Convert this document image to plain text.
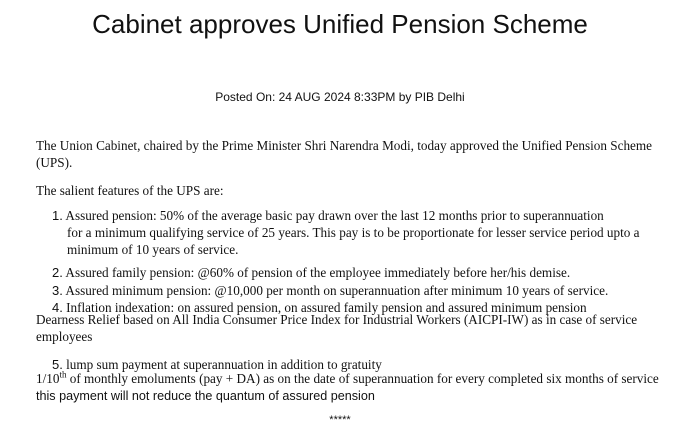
Cabinet approves Unified Pension Scheme
Posted On: 24 AUG 2024 8:33PM by PIB Delhi
The Union Cabinet, chaired by the Prime Minister Shri Narendra Modi, today approved the Unified Pension Scheme (UPS).
The salient features of the UPS are:
1. Assured pension: 50% of the average basic pay drawn over the last 12 months prior to superannuation
for a minimum qualifying service of 25 years. This pay is to be proportionate for lesser service period upto a minimum of 10 years of service.
2. Assured family pension: @60% of pension of the employee immediately before her/his demise.
3. Assured minimum pension: @10,000 per month on superannuation after minimum 10 years of service.
4. Inflation indexation: on assured pension, on assured family pension and assured minimum pension
Dearness Relief based on All India Consumer Price Index for Industrial Workers (AICPI-IW) as in case of service employees
5. lump sum payment at superannuation in addition to gratuity
1/10th of monthly emoluments (pay + DA) as on the date of superannuation for every completed six months of service this payment will not reduce the quantum of assured pension
*****
